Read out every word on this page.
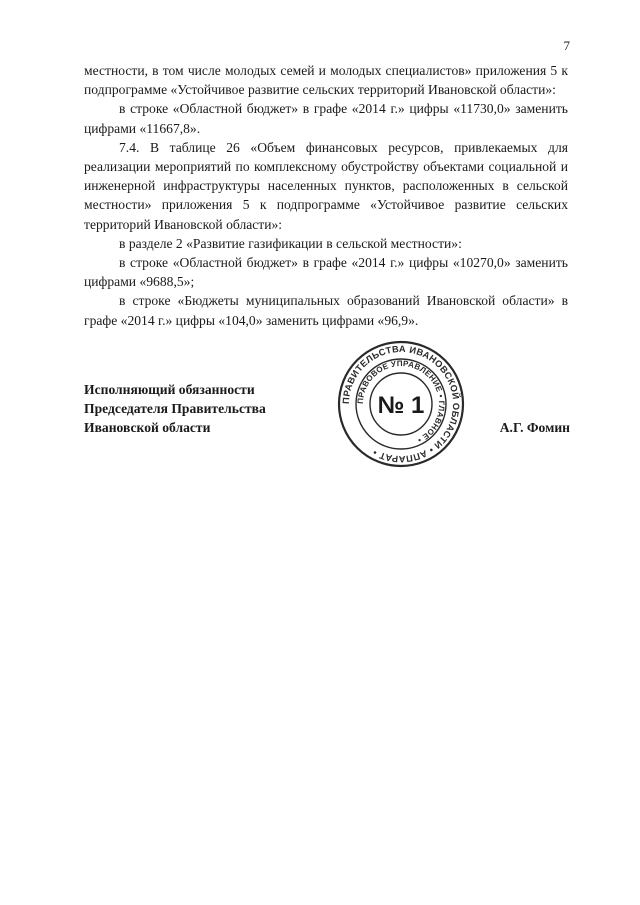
7

местности, в том числе молодых семей и молодых специалистов» приложения 5 к подпрограмме «Устойчивое развитие сельских территорий Ивановской области»:

в строке «Областной бюджет» в графе «2014 г.» цифры «11730,0» заменить цифрами «11667,8».

7.4. В таблице 26 «Объем финансовых ресурсов, привлекаемых для реализации мероприятий по комплексному обустройству объектами социальной и инженерной инфраструктуры населенных пунктов, расположенных в сельской местности» приложения 5 к подпрограмме «Устойчивое развитие сельских территорий Ивановской области»:

в разделе 2 «Развитие газификации в сельской местности»:

в строке «Областной бюджет» в графе «2014 г.» цифры «10270,0» заменить цифрами «9688,5»;

в строке «Бюджеты муниципальных образований Ивановской области» в графе «2014 г.» цифры «104,0» заменить цифрами «96,9».

Исполняющий обязанности
Председателя Правительства
Ивановской области	А.Г. Фомин
ПРАВИТЕЛЬСТВА ИВАНОВСКОЙ ОБЛАСТИ • АППАРАТ •
ПРАВОВОЕ УПРАВЛЕНИЕ • ГЛАВНОЕ •
№ 1
